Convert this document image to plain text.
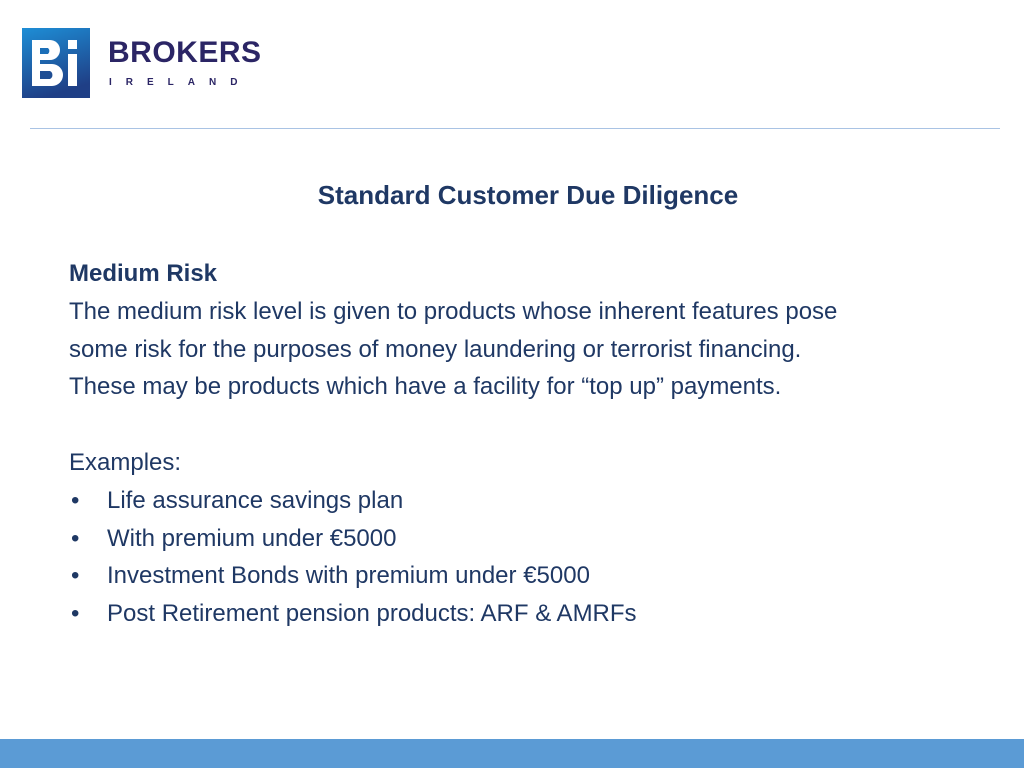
BROKERS
IRELAND
Standard Customer Due Diligence

Medium Risk

The medium risk level is given to products whose inherent features pose

some risk for the purposes of money laundering or terrorist financing.

These may be products which have a facility for “top up” payments.

Examples:

• Life assurance savings plan
• With premium under €5000
• Investment Bonds with premium under €5000
• Post Retirement pension products: ARF & AMRFs
